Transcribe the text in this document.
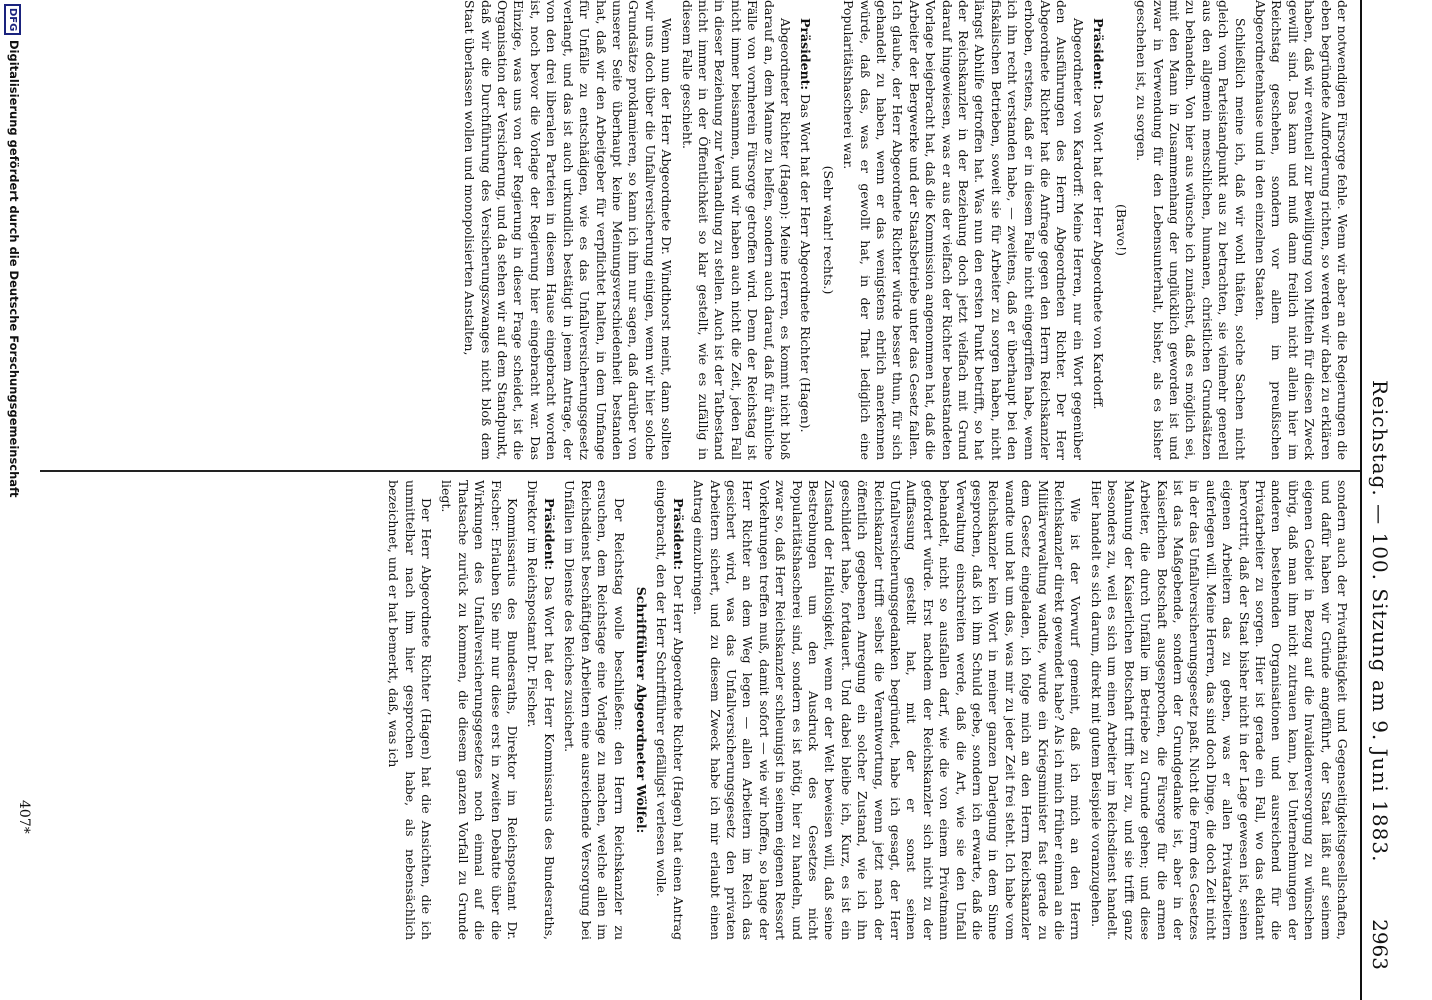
Reichstag. — 100. Sitzung am 9. Juni 1883.
2963

der notwendigen Fürsorge fehle. Wenn wir aber an die Regierungen die eben begründete Aufforderung richten, so werden wir dabei zu erklären haben, daß wir eventuell zur Bewilligung von Mitteln für diesen Zweck gewillt sind. Das kann und muß dann freilich nicht allein hier im Reichstag geschehen, sondern vor allem im preußischen Abgeordnetenhause und in den einzelnen Staaten.

Schließlich meine ich, daß wir wohl thäten, solche Sachen nicht gleich vom Parteistandpunkt aus zu betrachten, sie vielmehr generell aus den allgemein menschlichen, humanen, christlichen Grundsätzen zu behandeln. Von hier aus wünsche ich zunächst, daß es möglich sei, mit den Mann in Zusammenhang der unglücklich geworden ist und zwar in Verwendung für den Lebensunterhalt, bisher, als es bisher geschehen ist, zu sorgen.

(Bravo!)

Präsident: Das Wort hat der Herr Abgeordnete von Kardorff.

Abgeordneter von Kardorff: Meine Herren, nur ein Wort gegenüber den Ausführungen des Herrn Abgeordneten Richter. Der Herr Abgeordnete Richter hat die Anfrage gegen den Herrn Reichskanzler erhoben, erstens, daß er in diesem Falle nicht eingegriffen habe, wenn ich ihn recht verstanden habe, — zweitens, daß er überhaupt bei den fiskalischen Betrieben, soweit sie für Arbeiter zu sorgen haben, nicht längst Abhilfe getroffen hat. Was nun den ersten Punkt betrifft, so hat der Reichskanzler in der Beziehung doch jetzt vielfach mit Grund darauf hingewiesen, was er aus der vielfach der Richter beanstandeten Vorlage beigebracht hat, daß die Kommission angenommen hat, daß die Arbeiter der Bergwerke und der Staatsbetriebe unter das Gesetz fallen. Ich glaube, der Herr Abgeordnete Richter würde besser thun, für sich gehandelt zu haben, wenn er das wenigstens ehrlich anerkennen würde, daß das, was er gewollt hat, in der That lediglich eine Popularitätshascherei war.

(Sehr wahr! rechts.)

Präsident: Das Wort hat der Herr Abgeordnete Richter (Hagen).

Abgeordneter Richter (Hagen): Meine Herren, es kommt nicht bloß darauf an, dem Manne zu helfen, sondern auch darauf, daß für ähnliche Fälle von vornherein Fürsorge getroffen wird. Denn der Reichstag ist nicht immer beisammen, und wir haben auch nicht die Zeit, jeden Fall in dieser Beziehung zur Verhandlung zu stellen. Auch ist der Tatbestand nicht immer in der Öffentlichkeit so klar gestellt, wie es zufällig in diesem Falle geschieht.

Wenn nun der Herr Abgeordnete Dr. Windthorst meint, dann sollten wir uns doch über die Unfallversicherung einigen, wenn wir hier solche Grundsätze proklamieren, so kann ich ihm nur sagen, daß darüber von unserer Seite überhaupt keine Meinungsverschiedenheit bestanden hat, daß wir den Arbeitgeber für verpflichtet halten, in dem Umfange für Unfälle zu entschädigen, wie es das Unfallversicherungsgesetz verlangt, und das ist auch urkundlich bestätigt in jenem Antrage, der von den drei liberalen Parteien in diesem Hause eingebracht worden ist, noch bevor die Vorlage der Regierung hier eingebracht war. Das Einzige, was uns von der Regierung in dieser Frage scheidet, ist die Organisation der Versicherung, und da stehen wir auf dem Standpunkt, daß wir die Durchführung des Versicherungszwanges nicht bloß dem Staat überlassen wollen und monopolisierten Anstalten,

sondern auch der Privatthätigkeit und Gegenseitigkeitsgesellschaften, und dafür haben wir Gründe angeführt, der Staat läßt auf seinem eigenen Gebiet in Bezug auf die Invalidenversorgung zu wünschen übrig, daß man ihm nicht zutrauen kann, bei Unternehmungen der anderen bestehenden Organisationen und ausreichend für die Privatarbeiter zu sorgen. Hier ist gerade ein Fall, wo das eklatant hervortritt, daß der Staat bisher nicht in der Lage gewesen ist, seinen eigenen Arbeitern das zu geben, was er allen Privatarbeitern auferlegen will. Meine Herren, das sind doch Dinge, die doch Zeit nicht in der das Unfallversicherungsgesetz paßt. Nicht die Form des Gesetzes ist das Maßgebende, sondern der Grundgedanke ist, aber in der Kaiserlichen Botschaft ausgesprochen, die Fürsorge für die armen Arbeiter, die durch Unfälle im Betriebe zu Grunde gehen; und diese Mahnung der Kaiserlichen Botschaft trifft hier zu, und sie trifft ganz besonders zu, weil es sich um einen Arbeiter im Reichsdienst handelt. Hier handelt es sich darum, direkt mit gutem Beispiele voranzugehen.

Wie ist der Vorwurf gemeint, daß ich mich an den Herrn Reichskanzler direkt gewendet habe? Als ich mich früher einmal an die Militärverwaltung wandte, wurde ein Kriegsminister fast gerade zu dem Gesetz eingeladen, ich folge mich an den Herrn Reichskanzler wandte und bat um das, was mir zu jeder Zeit frei steht. Ich habe vom Reichskanzler kein Wort in meiner ganzen Darlegung in dem Sinne gesprochen, daß ich ihm Schuld gebe, sondern ich erwarte, daß die Verwaltung einschreiten werde, daß die Art, wie sie den Unfall behandelt, nicht so ausfallen darf, wie die von einem Privatmann gefordert würde. Erst nachdem der Reichskanzler sich nicht zu der Auffassung gestellt hat, mit der er sonst seinen Unfallversicherungsgedanken begründet, habe ich gesagt, der Herr Reichskanzler trifft selbst die Verantwortung, wenn jetzt nach der öffentlich gegebenen Anregung ein solcher Zustand, wie ich ihn geschildert habe, fortdauert. Und dabei bleibe ich, Kurz, es ist ein Zustand der Haltlosigkeit, wenn er der Welt beweisen will, daß seine Bestrebungen um den Ausdruck des Gesetzes nicht Popularitätshascherei sind, sondern es ist nötig, hier zu handeln, und zwar so, daß Herr Reichskanzler schleunigst in seinem eigenen Ressort Vorkehrungen treffen muß, damit sofort — wie wir hoffen, so lange der Herr Richter an dem Weg legen — allen Arbeitern im Reich das gesichert wird, was das Unfallversicherungsgesetz den privaten Arbeitern sichert, und zu diesem Zweck habe ich mir erlaubt einen Antrag einzubringen.

Präsident: Der Herr Abgeordnete Richter (Hagen) hat einen Antrag eingebracht, den der Herr Schriftführer gefälligst verlesen wolle.

Schriftführer Abgeordneter Wölfel:

Der Reichstag wolle beschließen: den Herrn Reichskanzler zu ersuchen, dem Reichstage eine Vorlage zu machen, welche allen im Reichsdienst beschäftigten Arbeitern eine ausreichende Versorgung bei Unfällen im Dienste des Reiches zusichert.

Präsident: Das Wort hat der Herr Kommissarius des Bundesraths, Direktor im Reichspostamt Dr. Fischer.

Kommissarius des Bundesraths, Direktor im Reichspostamt Dr. Fischer: Erlauben Sie mir nur diese erst in zweiten Debatte über die Wirkungen des Unfallversicherungsgesetzes noch einmal auf die Thatsache zurück zu kommen, die diesem ganzen Vorfall zu Grunde liegt.

Der Herr Abgeordnete Richter (Hagen) hat die Ansichten, die ich unmittelbar nach ihm hier gesprochen habe, als nebensächlich bezeichnet, und er hat bemerkt, daß, was ich

407*
DFG
Digitalisierung gefördert durch die Deutsche Forschungsgemeinschaft
